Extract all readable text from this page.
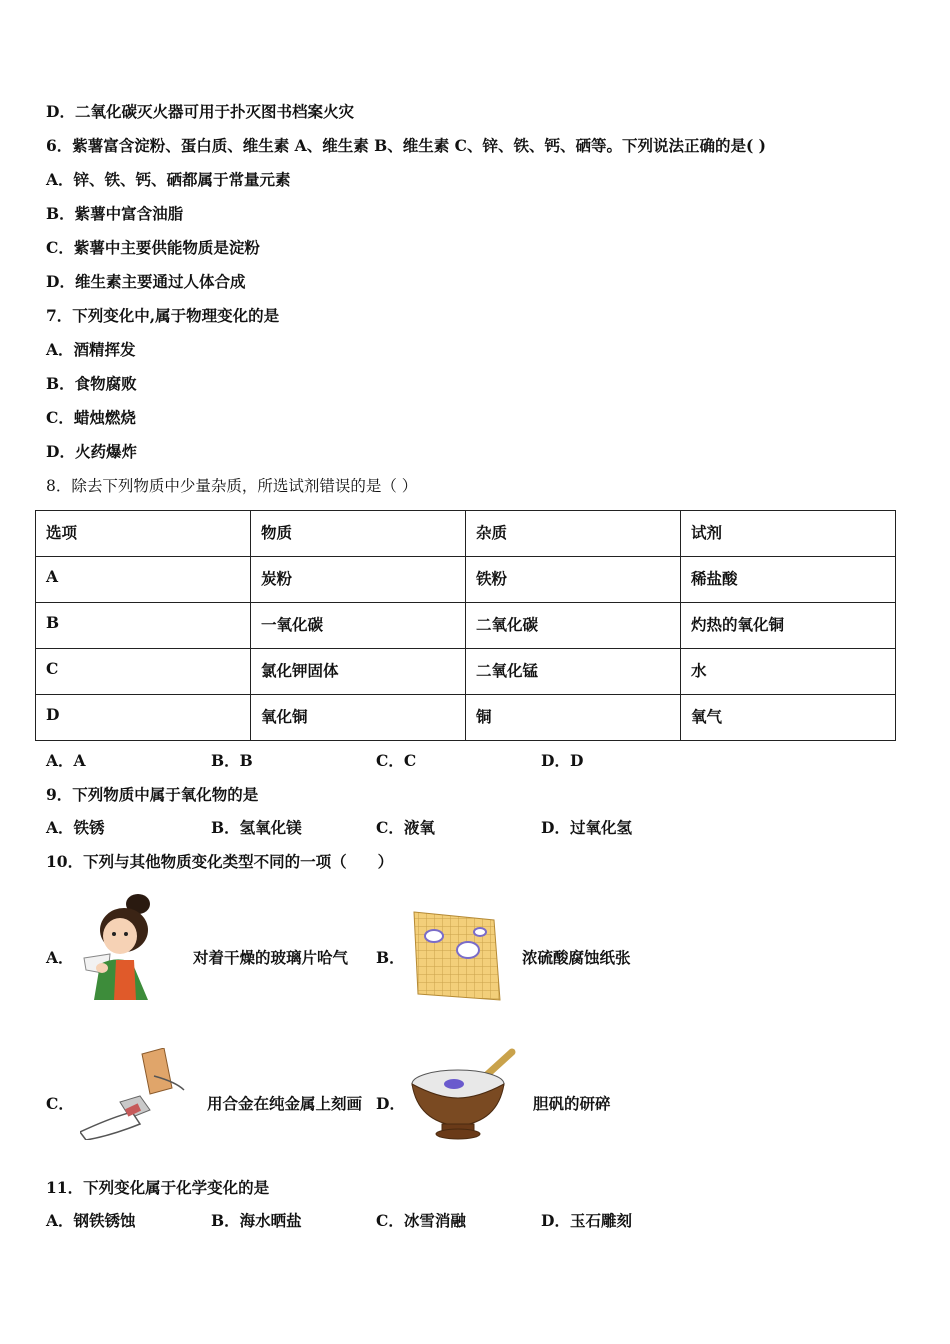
D．二氧化碳灭火器可用于扑灭图书档案火灾
6．紫薯富含淀粉、蛋白质、维生素 A、维生素 B、维生素 C、锌、铁、钙、硒等。下列说法正确的是( )
A．锌、铁、钙、硒都属于常量元素
B．紫薯中富含油脂
C．紫薯中主要供能物质是淀粉
D．维生素主要通过人体合成
7．下列变化中,属于物理变化的是
A．酒精挥发
B．食物腐败
C．蜡烛燃烧
D．火药爆炸
8．除去下列物质中少量杂质，所选试剂错误的是（ ）
选项	物质	杂质	试剂
A	炭粉	铁粉	稀盐酸
B	一氧化碳	二氧化碳	灼热的氧化铜
C	氯化钾固体	二氧化锰	水
D	氧化铜	铜	氧气
A．A	B．B	C．C	D．D
9．下列物质中属于氧化物的是
A．铁锈	B．氢氧化镁	C．液氧	D．过氧化氢
10．下列与其他物质变化类型不同的一项（　　）
A．	对着干燥的玻璃片哈气 B．	浓硫酸腐蚀纸张
C．	用合金在纯金属上刻画 D．	胆矾的研碎
11．下列变化属于化学变化的是
A．钢铁锈蚀	B．海水晒盐	C．冰雪消融	D．玉石雕刻
